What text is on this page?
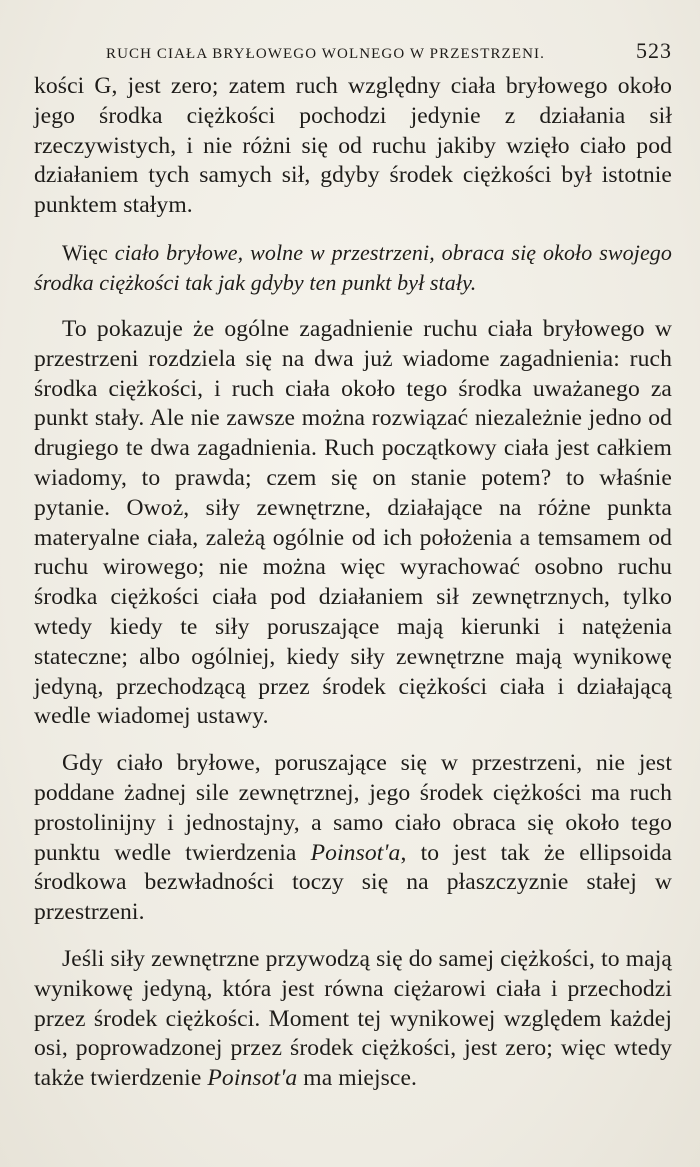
RUCH CIAŁA BRYŁOWEGO WOLNEGO W PRZESTRZENI.	523

kości G, jest zero; zatem ruch względny ciała bryłowego około jego środka ciężkości pochodzi jedynie z działania sił rzeczywistych, i nie różni się od ruchu jakiby wzięło ciało pod działaniem tych samych sił, gdyby środek ciężkości był istotnie punktem stałym.

Więc ciało bryłowe, wolne w przestrzeni, obraca się około swojego środka ciężkości tak jak gdyby ten punkt był stały.

To pokazuje że ogólne zagadnienie ruchu ciała bryłowego w przestrzeni rozdziela się na dwa już wiadome zagadnienia: ruch środka ciężkości, i ruch ciała około tego środka uważanego za punkt stały. Ale nie zawsze można rozwiązać niezależnie jedno od drugiego te dwa zagadnienia. Ruch początkowy ciała jest całkiem wiadomy, to prawda; czem się on stanie potem? to właśnie pytanie. Owoż, siły zewnętrzne, działające na różne punkta materyalne ciała, zależą ogólnie od ich położenia a temsamem od ruchu wirowego; nie można więc wyrachować osobno ruchu środka ciężkości ciała pod działaniem sił zewnętrznych, tylko wtedy kiedy te siły poruszające mają kierunki i natężenia stateczne; albo ogólniej, kiedy siły zewnętrzne mają wynikowę jedyną, przechodzącą przez środek ciężkości ciała i działającą wedle wiadomej ustawy.

Gdy ciało bryłowe, poruszające się w przestrzeni, nie jest poddane żadnej sile zewnętrznej, jego środek ciężkości ma ruch prostolinijny i jednostajny, a samo ciało obraca się około tego punktu wedle twierdzenia Poinsot'a, to jest tak że ellipsoida środkowa bezwładności toczy się na płaszczyznie stałej w przestrzeni.

Jeśli siły zewnętrzne przywodzą się do samej ciężkości, to mają wynikowę jedyną, która jest równa ciężarowi ciała i przechodzi przez środek ciężkości. Moment tej wynikowej względem każdej osi, poprowadzonej przez środek ciężkości, jest zero; więc wtedy także twierdzenie Poinsot'a ma miejsce.
